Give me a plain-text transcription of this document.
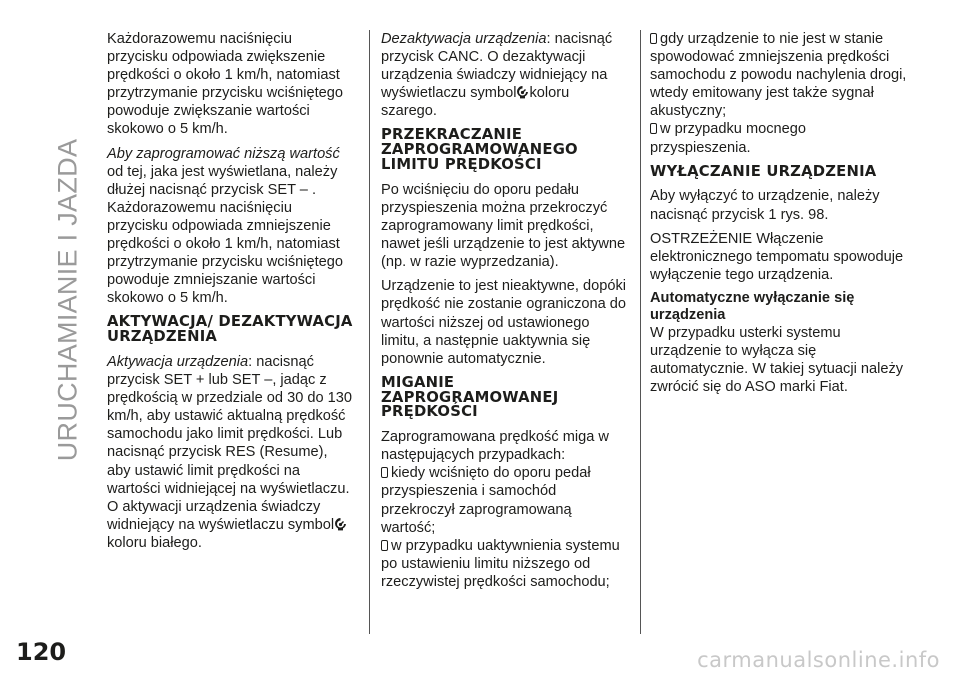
URUCHAMIANIE I JAZDA

Każdorazowemu naciśnięciu przycisku odpowiada zwiększenie prędkości o około 1 km/h, natomiast przytrzymanie przycisku wciśniętego powoduje zwiększanie wartości skokowo o 5 km/h.

Aby zaprogramować niższą wartość od tej, jaka jest wyświetlana, należy dłużej nacisnąć przycisk SET – . Każdorazowemu naciśnięciu przycisku odpowiada zmniejszenie prędkości o około 1 km/h, natomiast przytrzymanie przycisku wciśniętego powoduje zmniejszanie wartości skokowo o 5 km/h.

AKTYWACJA/ DEZAKTYWACJA URZĄDZENIA

Aktywacja urządzenia: nacisnąć przycisk SET + lub SET –, jadąc z prędkością w przedziale od 30 do 130 km/h, aby ustawić aktualną prędkość samochodu jako limit prędkości. Lub nacisnąć przycisk RES (Resume), aby ustawić limit prędkości na wartości widniejącej na wyświetlaczu. O aktywacji urządzenia świadczy widniejący na wyświetlaczu symbol
koloru białego.

Dezaktywacja urządzenia: nacisnąć przycisk CANC. O dezaktywacji urządzenia świadczy widniejący na wyświetlaczu symbol koloru szarego.

PRZEKRACZANIE ZAPROGRAMOWANEGO LIMITU PRĘDKOŚCI

Po wciśnięciu do oporu pedału przyspieszenia można przekroczyć zaprogramowany limit prędkości, nawet jeśli urządzenie to jest aktywne (np. w razie wyprzedzania).

Urządzenie to jest nieaktywne, dopóki prędkość nie zostanie ograniczona do wartości niższej od ustawionego limitu, a następnie uaktywnia się ponownie automatycznie.

MIGANIE ZAPROGRAMOWANEJ PRĘDKOŚCI

Zaprogramowana prędkość miga w następujących przypadkach:

kiedy wciśnięto do oporu pedał przyspieszenia i samochód przekroczył zaprogramowaną wartość;

w przypadku uaktywnienia systemu po ustawieniu limitu niższego od rzeczywistej prędkości samochodu;

gdy urządzenie to nie jest w stanie spowodować zmniejszenia prędkości samochodu z powodu nachylenia drogi, wtedy emitowany jest także sygnał akustyczny;

w przypadku mocnego przyspieszenia.

WYŁĄCZANIE URZĄDZENIA

Aby wyłączyć to urządzenie, należy nacisnąć przycisk 1 rys. 98.

OSTRZEŻENIE Włączenie elektronicznego tempomatu spowoduje wyłączenie tego urządzenia.

Automatyczne wyłączanie się urządzenia

W przypadku usterki systemu urządzenie to wyłącza się automatycznie. W takiej sytuacji należy zwrócić się do ASO marki Fiat.

120	carmanualsonline.info
